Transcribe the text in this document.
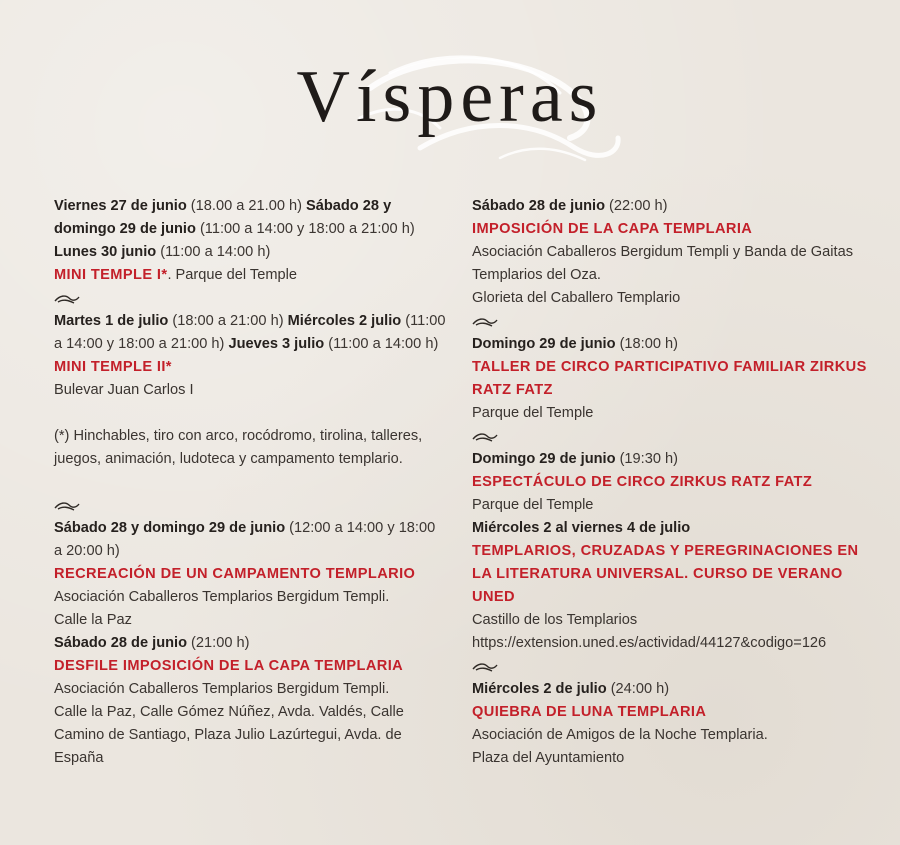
Vísperas

Viernes 27 de junio (18.00 a 21.00 h) Sábado 28 y domingo 29 de junio (11:00 a 14:00 y 18:00 a 21:00 h) Lunes 30 junio (11:00 a 14:00 h)
MINI TEMPLE I*. Parque del Temple

Martes 1 de julio (18:00 a 21:00 h) Miércoles 2 julio (11:00 a 14:00 y 18:00 a 21:00 h) Jueves 3 julio (11:00 a 14:00 h)
MINI TEMPLE II*
Bulevar Juan Carlos I

(*) Hinchables, tiro con arco, rocódromo, tirolina, talleres, juegos, animación, ludoteca y campamento templario.

Sábado 28 y domingo 29 de junio (12:00 a 14:00 y 18:00 a 20:00 h)
RECREACIÓN DE UN CAMPAMENTO TEMPLARIO
Asociación Caballeros Templarios Bergidum Templi.
Calle la Paz

Sábado 28 de junio (21:00 h)
DESFILE IMPOSICIÓN DE LA CAPA TEMPLARIA
Asociación Caballeros Templarios Bergidum Templi.
Calle la Paz, Calle Gómez Núñez, Avda. Valdés, Calle Camino de Santiago, Plaza Julio Lazúrtegui, Avda. de España

Sábado 28 de junio (22:00 h)
IMPOSICIÓN DE LA CAPA TEMPLARIA
Asociación Caballeros Bergidum Templi y Banda de Gaitas Templarios del Oza.
Glorieta del Caballero Templario

Domingo 29 de junio (18:00 h)
TALLER DE CIRCO PARTICIPATIVO FAMILIAR ZIRKUS RATZ FATZ
Parque del Temple

Domingo 29 de junio (19:30 h)
ESPECTÁCULO DE CIRCO ZIRKUS RATZ FATZ
Parque del Temple

Miércoles 2 al viernes 4 de julio
TEMPLARIOS, CRUZADAS Y PEREGRINACIONES EN LA LITERATURA UNIVERSAL. CURSO DE VERANO UNED
Castillo de los Templarios
https://extension.uned.es/actividad/44127&codigo=126

Miércoles 2 de julio (24:00 h)
QUIEBRA DE LUNA TEMPLARIA
Asociación de Amigos de la Noche Templaria.
Plaza del Ayuntamiento
